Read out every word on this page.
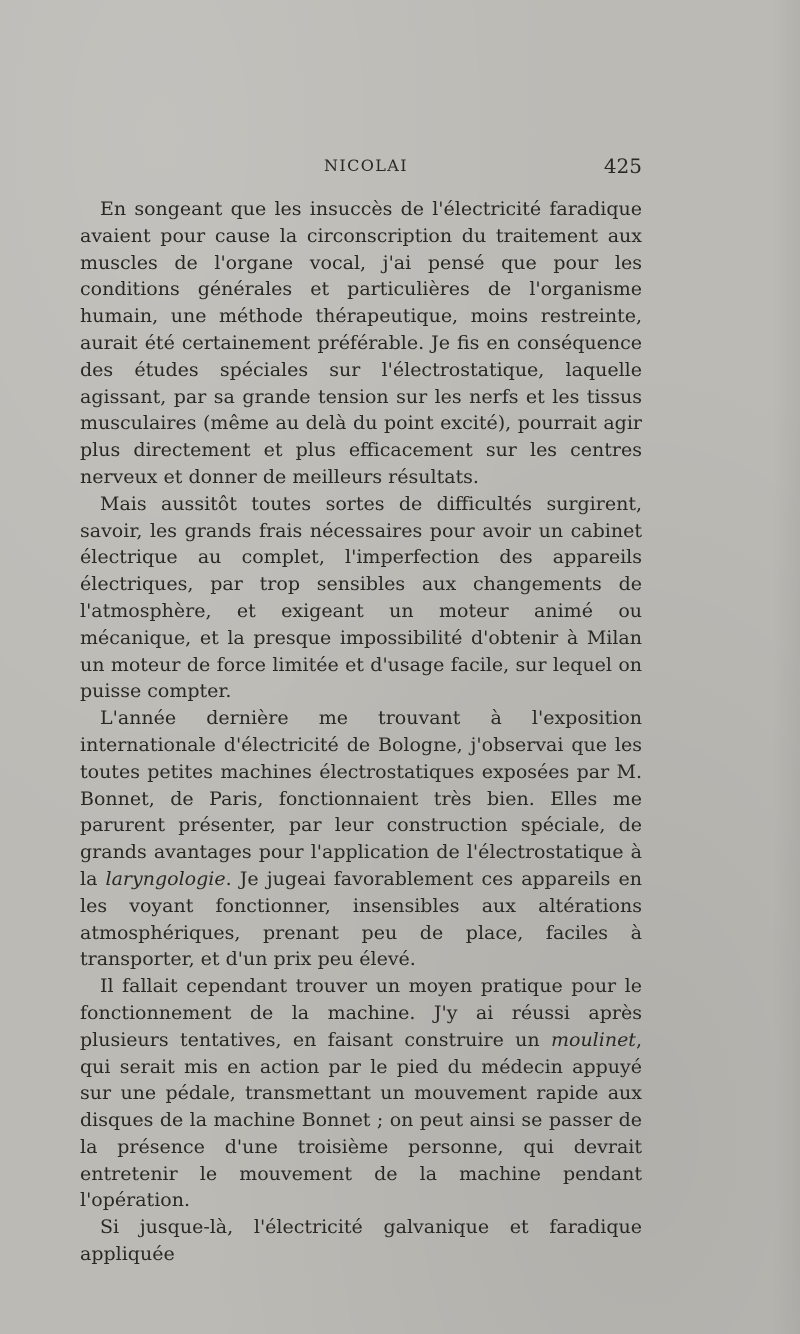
NICOLAI	425

En songeant que les insuccès de l'électricité faradique avaient pour cause la circonscription du traitement aux muscles de l'organe vocal, j'ai pensé que pour les conditions générales et particulières de l'organisme humain, une méthode thérapeutique, moins restreinte, aurait été certainement préférable. Je fis en conséquence des études spéciales sur l'électrostatique, laquelle agissant, par sa grande tension sur les nerfs et les tissus musculaires (même au delà du point excité), pourrait agir plus directement et plus efficacement sur les centres nerveux et donner de meilleurs résultats.

Mais aussitôt toutes sortes de difficultés surgirent, savoir, les grands frais nécessaires pour avoir un cabinet électrique au complet, l'imperfection des appareils électriques, par trop sensibles aux changements de l'atmosphère, et exigeant un moteur animé ou mécanique, et la presque impossibilité d'obtenir à Milan un moteur de force limitée et d'usage facile, sur lequel on puisse compter.

L'année dernière me trouvant à l'exposition internationale d'électricité de Bologne, j'observai que les toutes petites machines électrostatiques exposées par M. Bonnet, de Paris, fonctionnaient très bien. Elles me parurent présenter, par leur construction spéciale, de grands avantages pour l'application de l'électrostatique à la laryngologie. Je jugeai favorablement ces appareils en les voyant fonctionner, insensibles aux altérations atmosphériques, prenant peu de place, faciles à transporter, et d'un prix peu élevé.

Il fallait cependant trouver un moyen pratique pour le fonctionnement de la machine. J'y ai réussi après plusieurs tentatives, en faisant construire un moulinet, qui serait mis en action par le pied du médecin appuyé sur une pédale, transmettant un mouvement rapide aux disques de la machine Bonnet ; on peut ainsi se passer de la présence d'une troisième personne, qui devrait entretenir le mouvement de la machine pendant l'opération.

Si jusque-là, l'électricité galvanique et faradique appliquée
